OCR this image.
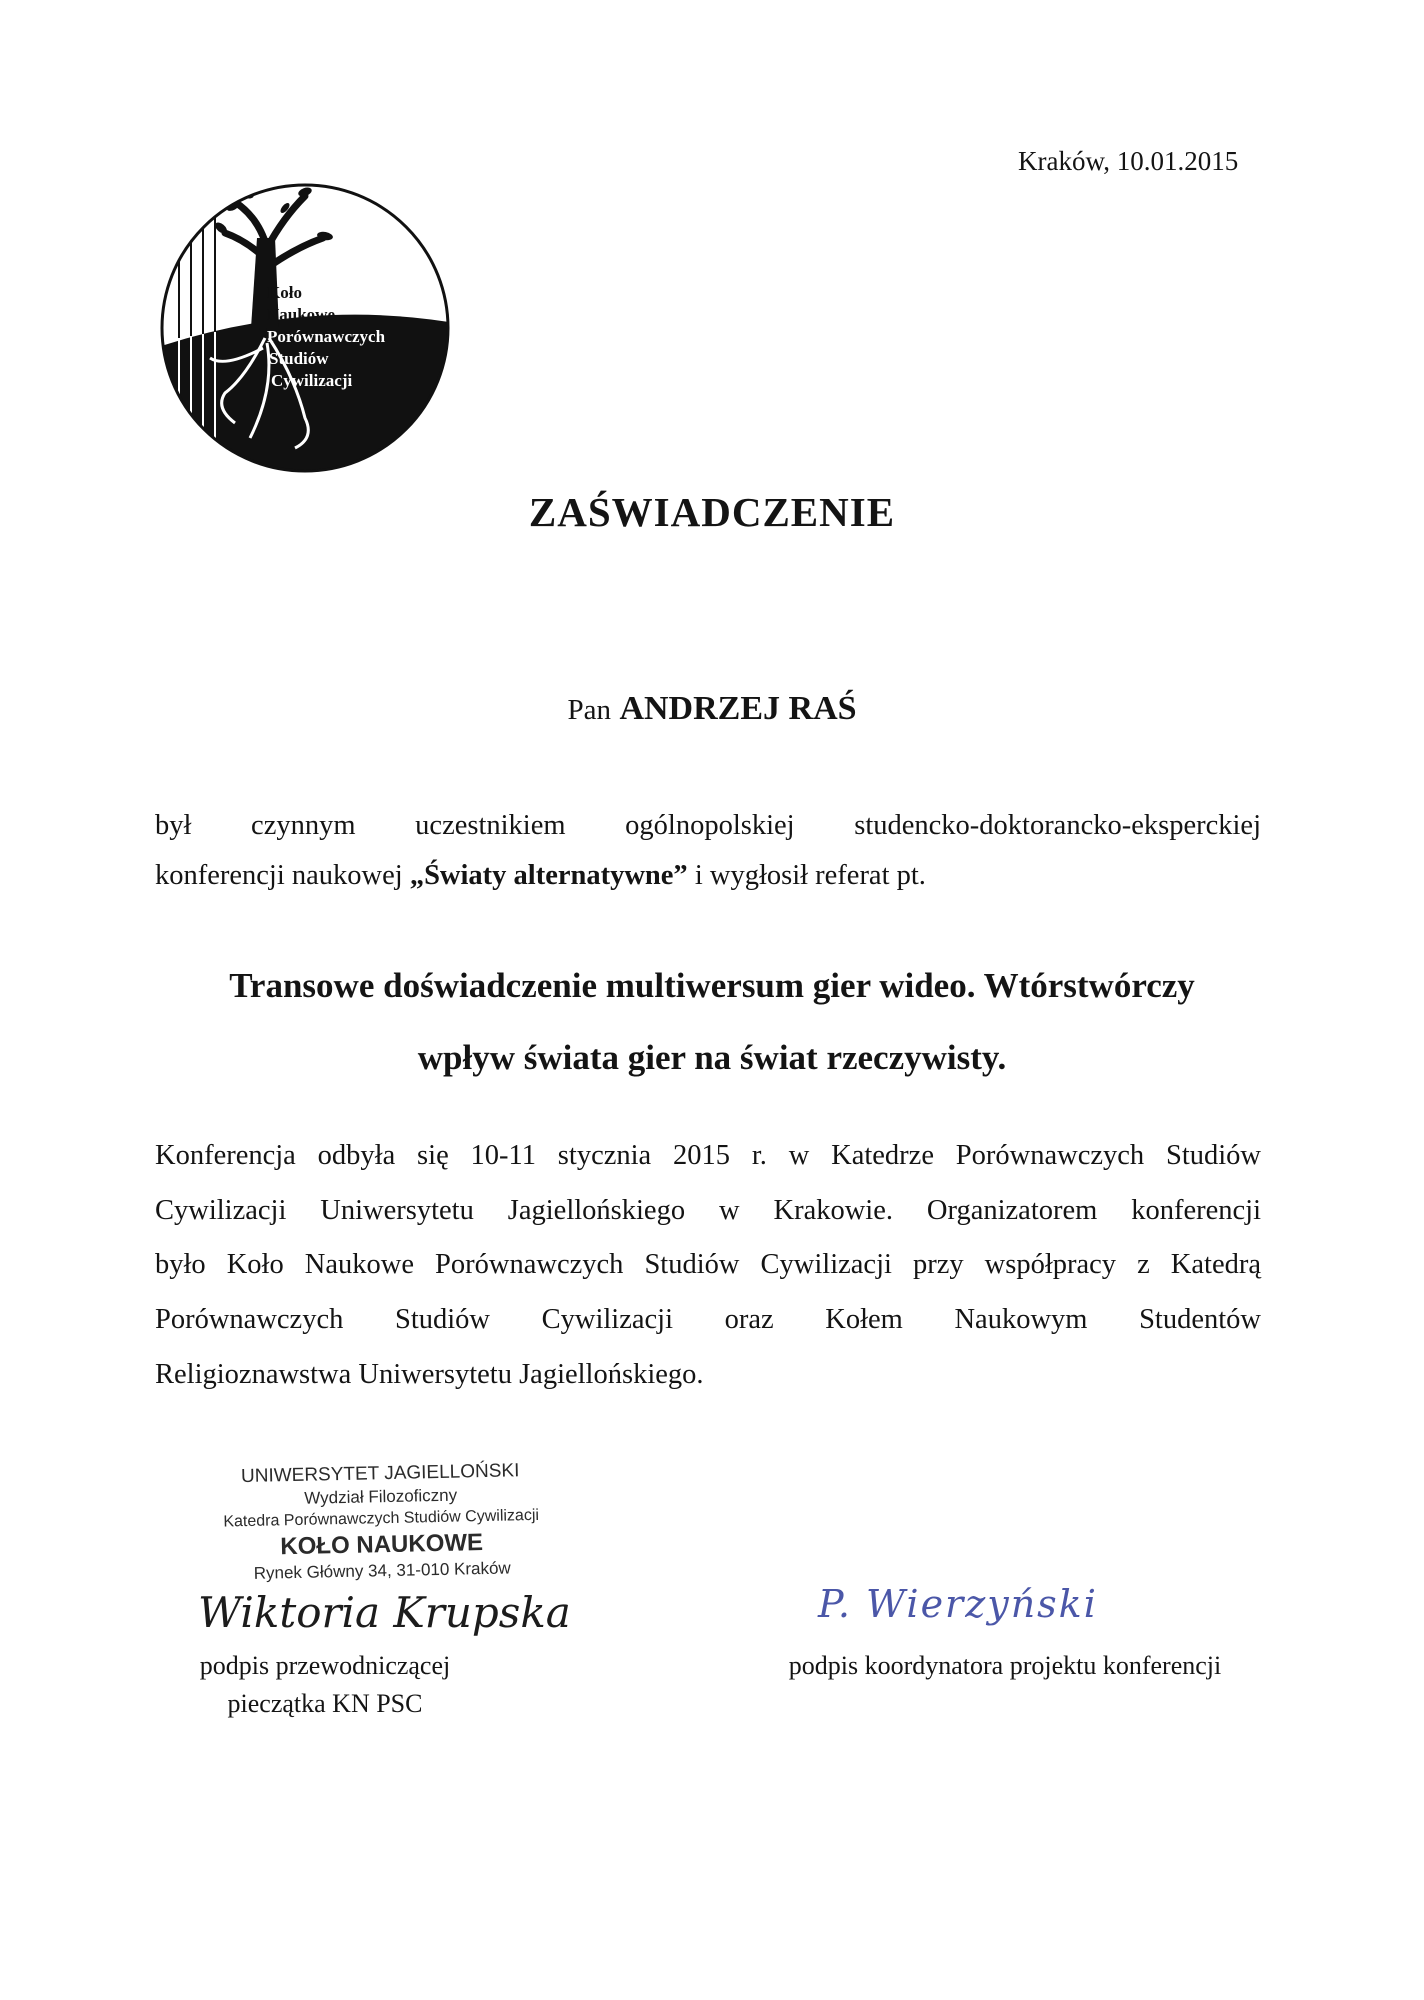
Kraków, 10.01.2015
Koło
Naukowe
Porównawczych
Studiów
Cywilizacji
ZAŚWIADCZENIE
Pan ANDRZEJ RAŚ
był czynnym uczestnikiem ogólnopolskiej studencko-doktorancko-eksperckiej
konferencji naukowej „Światy alternatywne” i wygłosił referat pt.
Transowe doświadczenie multiwersum gier wideo. Wtórstwórczy
wpływ świata gier na świat rzeczywisty.
Konferencja odbyła się 10-11 stycznia 2015 r. w Katedrze Porównawczych Studiów
Cywilizacji Uniwersytetu Jagiellońskiego w Krakowie. Organizatorem konferencji
było Koło Naukowe Porównawczych Studiów Cywilizacji przy współpracy z Katedrą
Porównawczych Studiów Cywilizacji oraz Kołem Naukowym Studentów
Religioznawstwa Uniwersytetu Jagiellońskiego.
UNIWERSYTET JAGIELLOŃSKI
Wydział Filozoficzny
Katedra Porównawczych Studiów Cywilizacji
KOŁO NAUKOWE
Rynek Główny 34, 31-010 Kraków
Wiktoria Krupska	P. Wierzyński
podpis przewodniczącej
pieczątka KN PSC
podpis koordynatora projektu konferencji
